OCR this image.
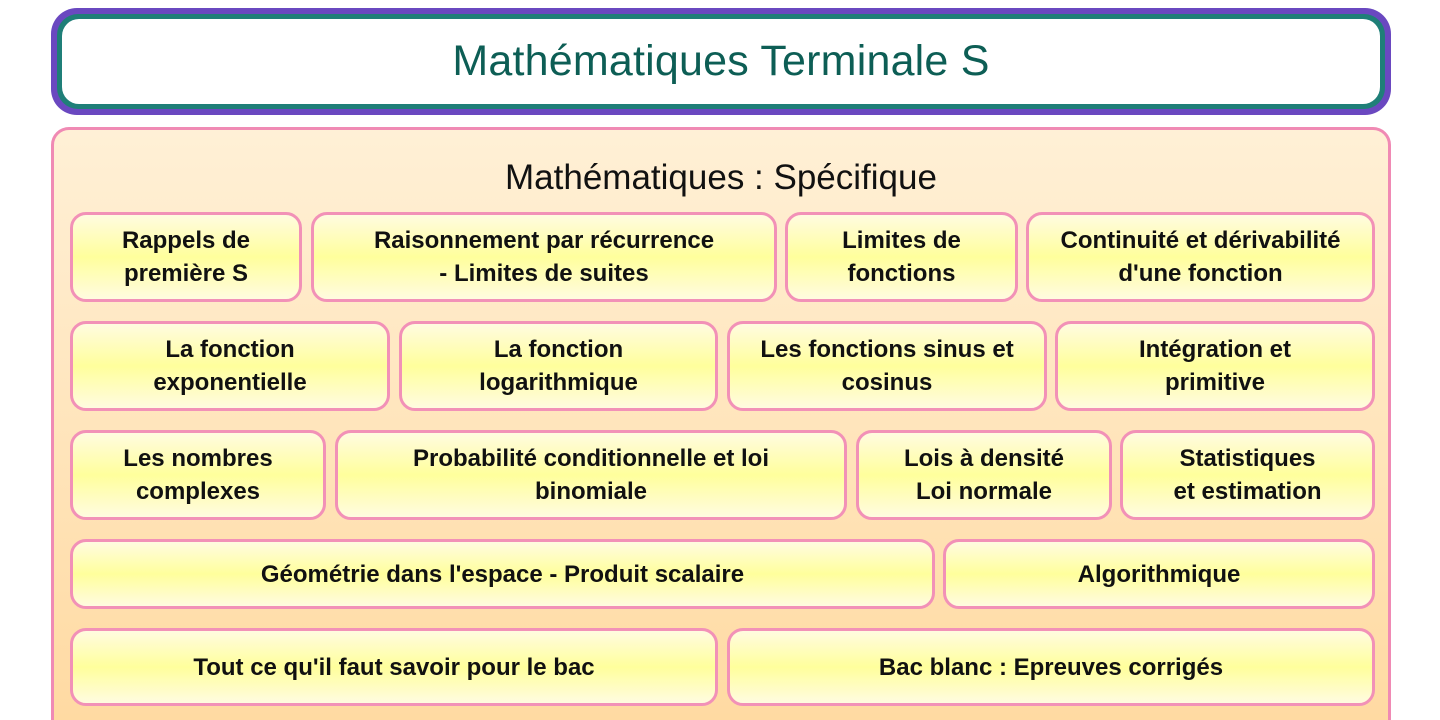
Mathématiques Terminale S
Mathématiques : Spécifique
Rappels de
première S
Raisonnement par récurrence
- Limites de suites
Limites de
fonctions
Continuité et dérivabilité
d'une fonction
La fonction
exponentielle
La fonction
logarithmique
Les fonctions sinus et
cosinus
Intégration et
primitive
Les nombres
complexes
Probabilité conditionnelle et loi
binomiale
Lois à densité
Loi normale
Statistiques
et estimation
Géométrie dans l'espace - Produit scalaire	Algorithmique
Tout ce qu'il faut savoir pour le bac	Bac blanc : Epreuves corrigés
